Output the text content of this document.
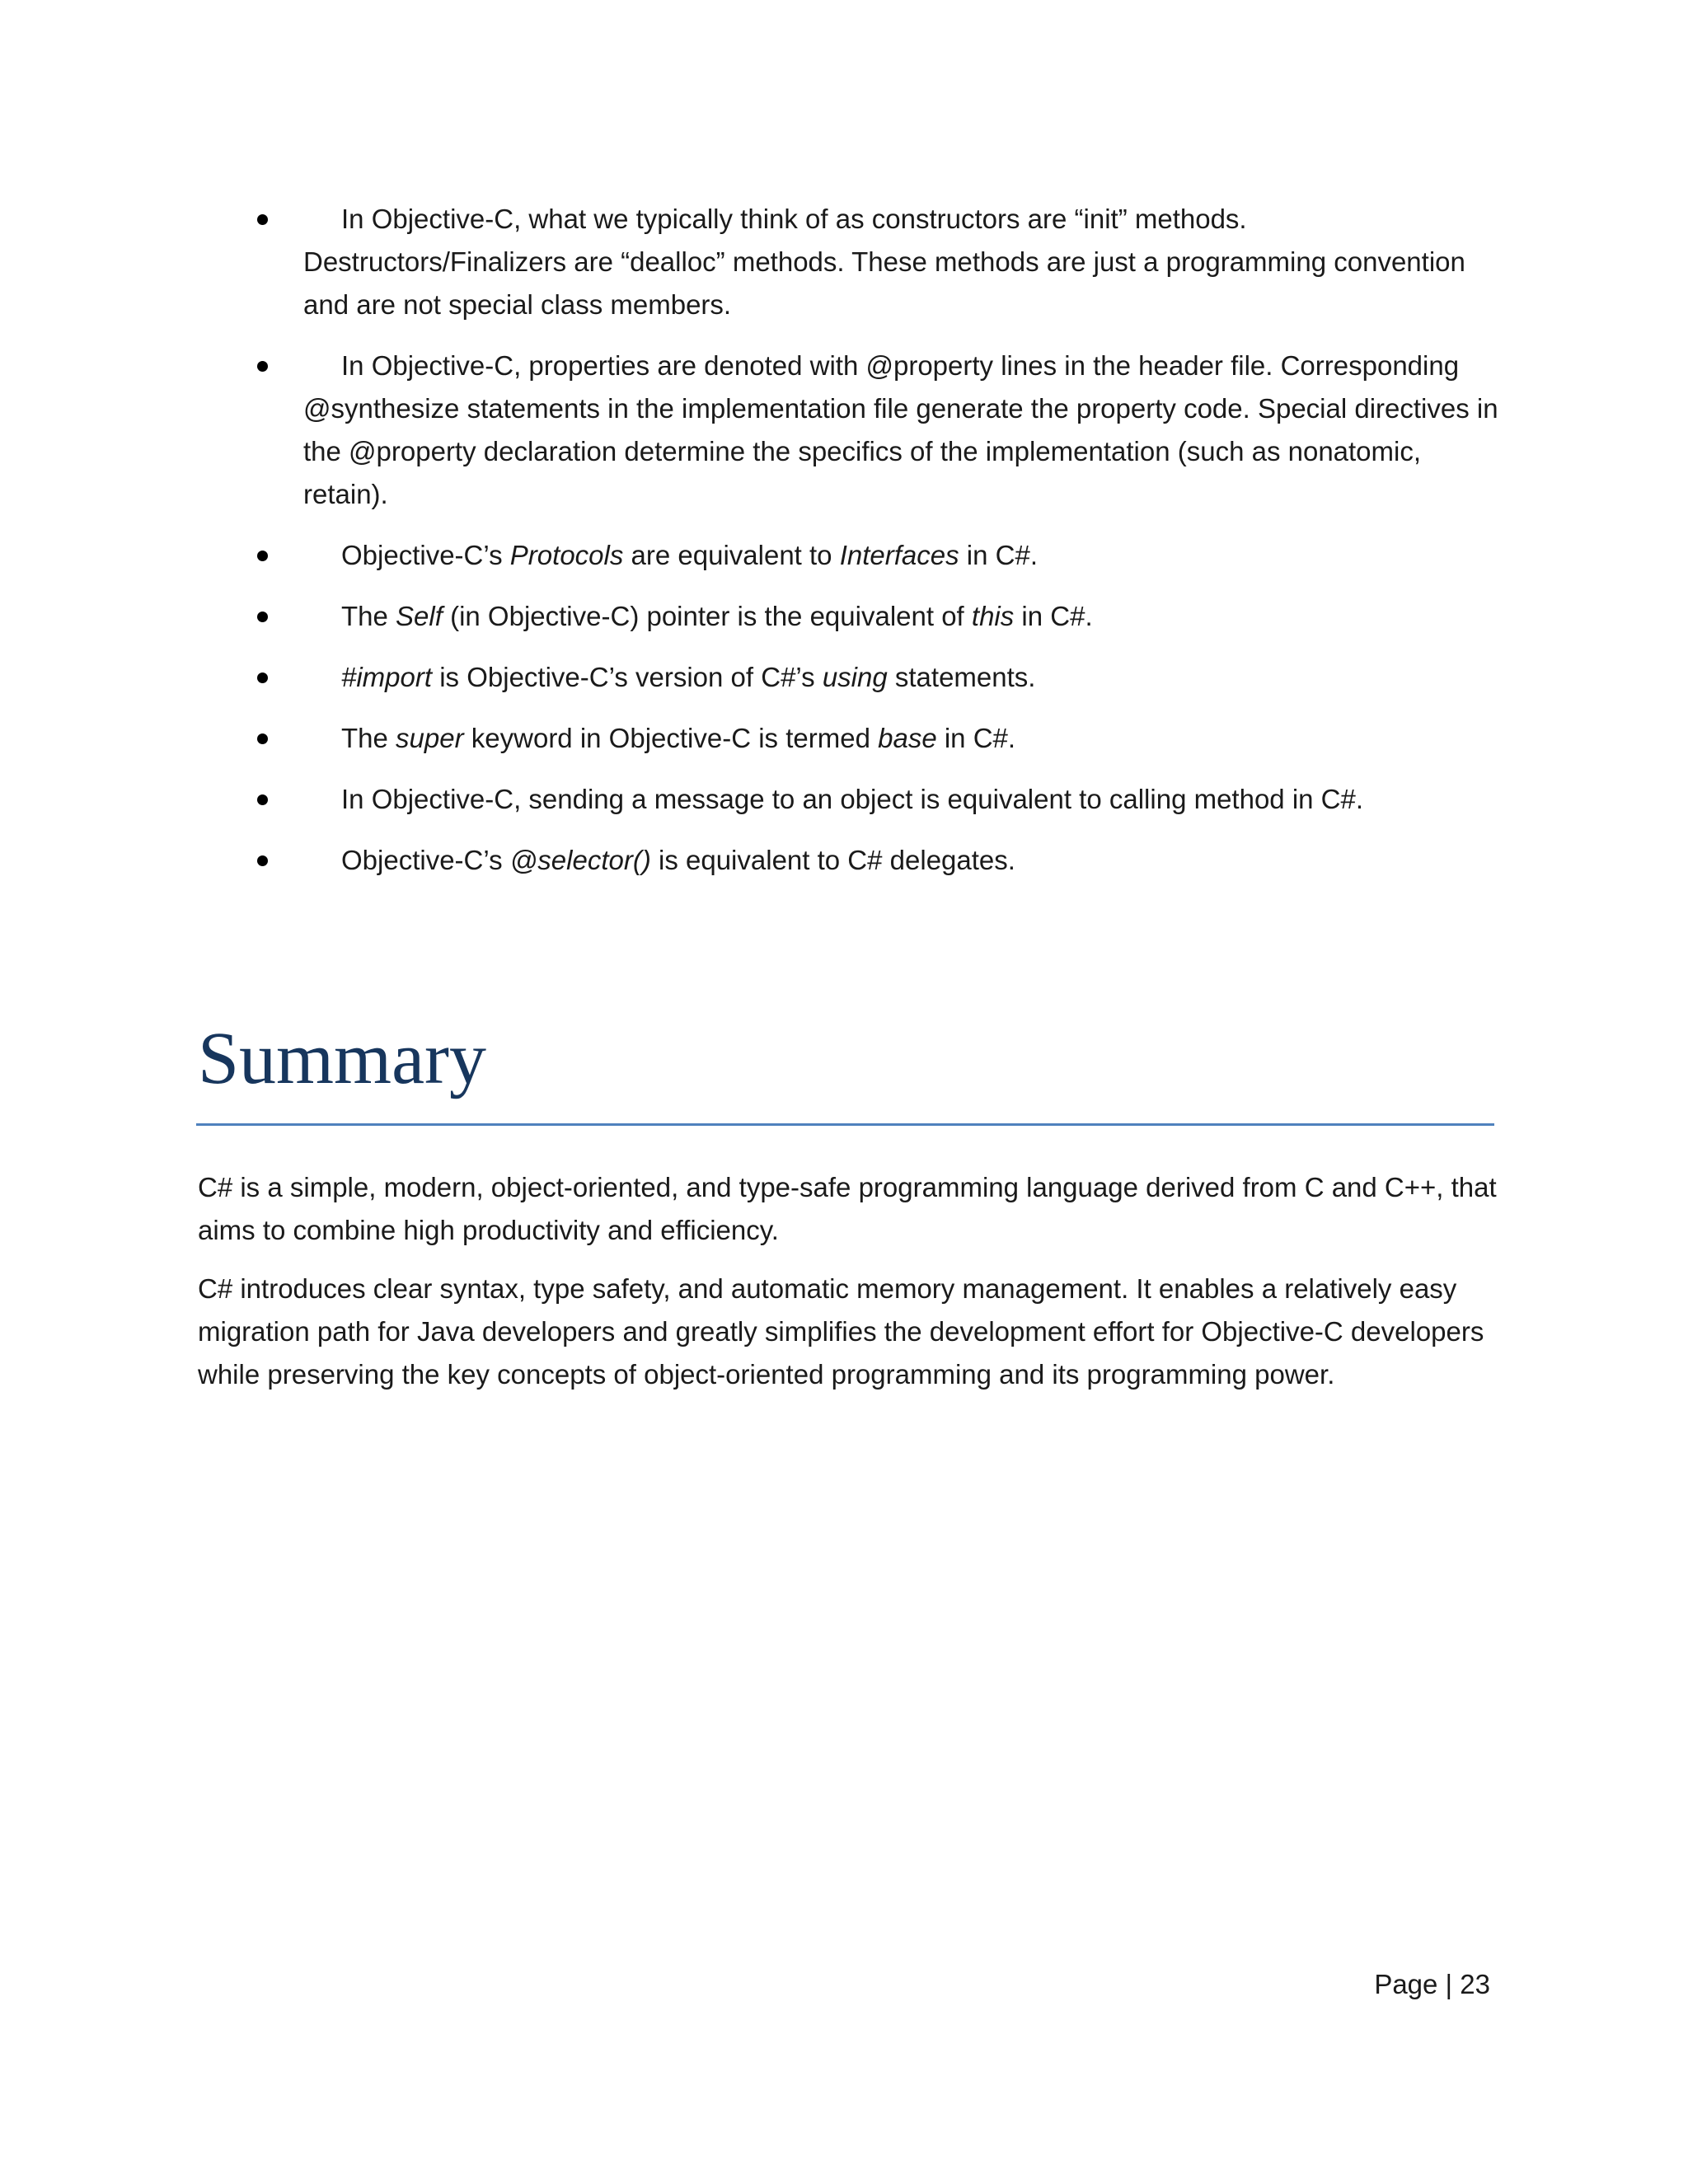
In Objective-C, what we typically think of as constructors are “init” methods. Destructors/Finalizers are “dealloc” methods. These methods are just a programming convention and are not special class members.
In Objective-C, properties are denoted with @property lines in the header file. Corresponding @synthesize statements in the implementation file generate the property code. Special directives in the @property declaration determine the specifics of the implementation (such as nonatomic, retain).
Objective-C’s Protocols are equivalent to Interfaces in C#.
The Self (in Objective-C) pointer is the equivalent of this in C#.
#import is Objective-C’s version of C#’s using statements.
The super keyword in Objective-C is termed base in C#.
In Objective-C, sending a message to an object is equivalent to calling method in C#.
Objective-C’s @selector() is equivalent to C# delegates.
Summary

C# is a simple, modern, object-oriented, and type-safe programming language derived from C and C++, that aims to combine high productivity and efficiency.

C# introduces clear syntax, type safety, and automatic memory management. It enables a relatively easy migration path for Java developers and greatly simplifies the development effort for Objective-C developers while preserving the key concepts of object-oriented programming and its programming power.

Page | 23
